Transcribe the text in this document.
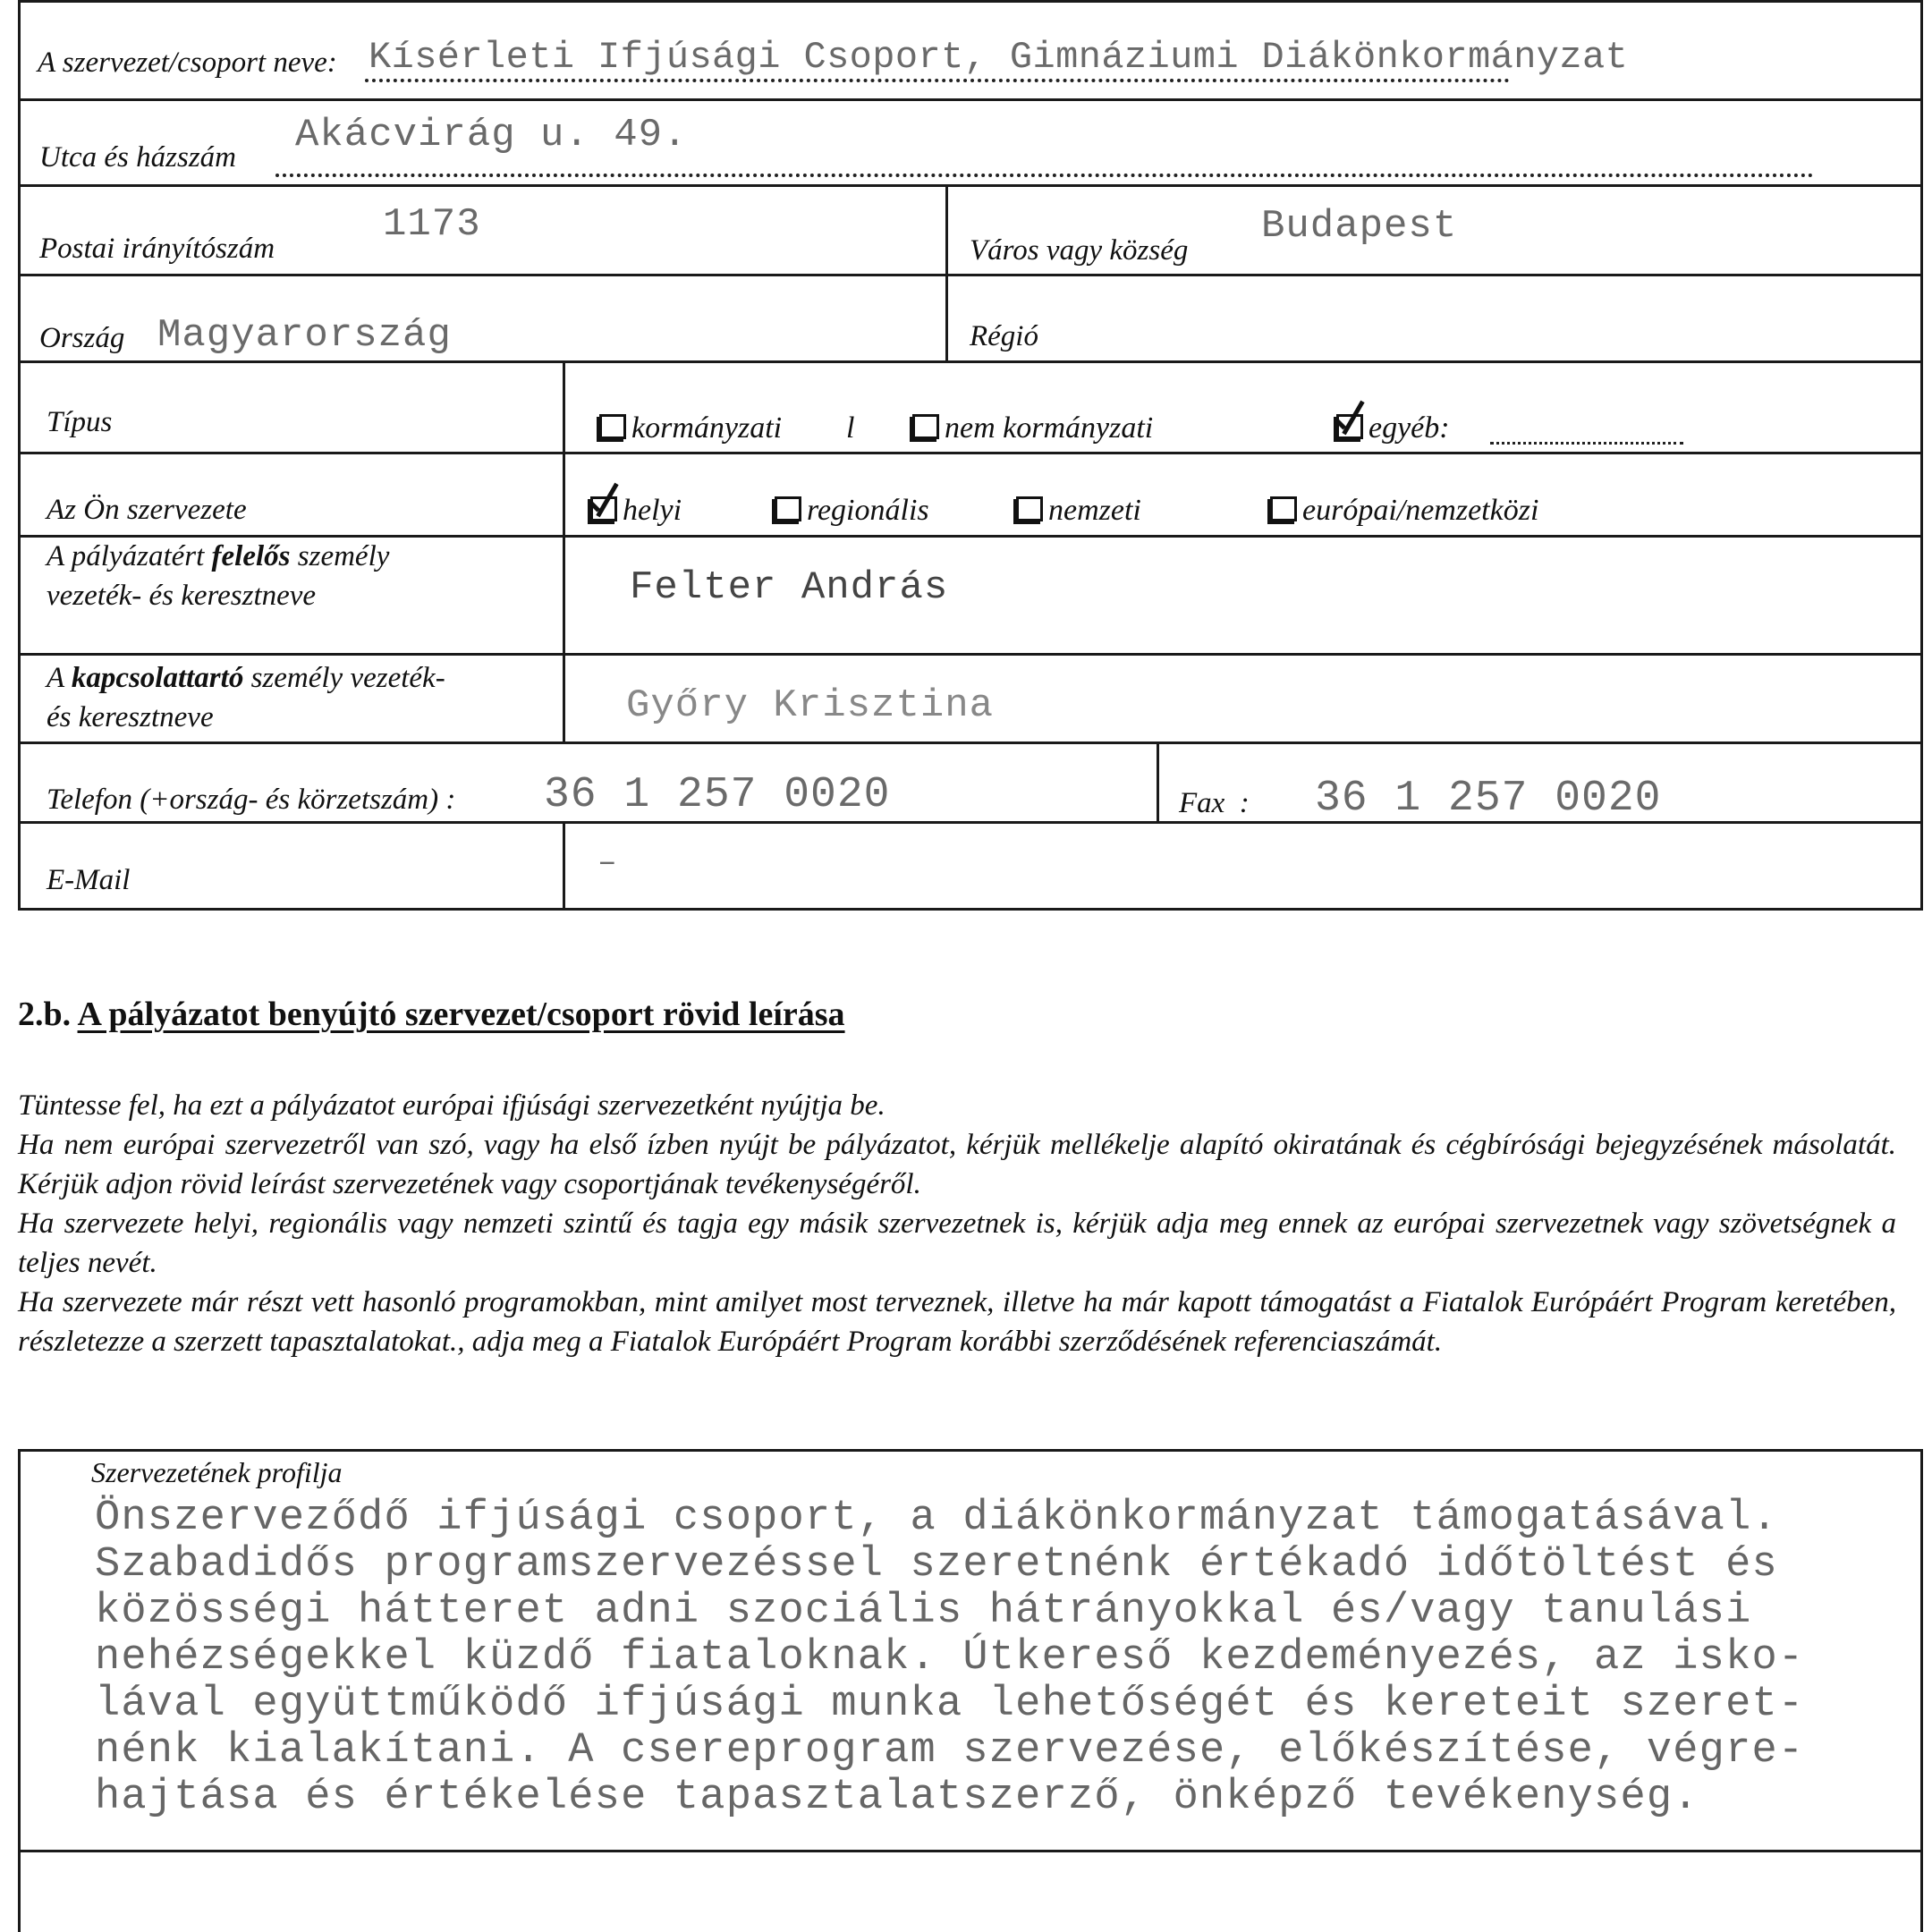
A szervezet/csoport neve: Kísérleti Ifjúsági Csoport, Gimnáziumi Diákönkormányzat
Utca és házszám Akácvirág u. 49.
Postai irányítószám
1173
Város vagy község
Budapest
Ország Magyarország	Régió
Típus	kormányzati l	nem kormányzati	egyéb:
Az Ön szervezete	helyi	regionális	nemzeti	európai/nemzetközi
A pályázatért felelős személy
vezeték- és keresztneve	Felter András
A kapcsolattartó személy vezeték-
és keresztneve	Győry Krisztina
Telefon (+ország- és körzetszám) : 36 1 257 0020	Fax  : 36 1 257 0020
E-Mail	–
2.b. A pályázatot benyújtó szervezet/csoport rövid leírása

Tüntesse fel, ha ezt a pályázatot európai ifjúsági szervezetként nyújtja be.

Ha nem európai szervezetről van szó, vagy ha első ízben nyújt be pályázatot, kérjük mellékelje alapító okiratának és cégbírósági bejegyzésének másolatát. Kérjük adjon rövid leírást szervezetének vagy csoportjának tevékenységéről.

Ha szervezete helyi, regionális vagy nemzeti szintű és tagja egy másik szervezetnek is, kérjük adja meg ennek az európai szervezetnek vagy szövetségnek a teljes nevét.

Ha szervezete már részt vett hasonló programokban, mint amilyet most terveznek, illetve ha már kapott támogatást a Fiatalok Európáért Program keretében, részletezze a szerzett tapasztalatokat., adja meg a Fiatalok Európáért Program korábbi szerződésének referenciaszámát.

Szervezetének profilja
Önszerveződő ifjúsági csoport, a diákönkormányzat támogatásával.
Szabadidős programszervezéssel szeretnénk értékadó időtöltést és
közösségi hátteret adni szociális hátrányokkal és/vagy tanulási
nehézségekkel küzdő fiataloknak. Útkereső kezdeményezés, az isko-
lával együttműködő ifjúsági munka lehetőségét és kereteit szeret-
nénk kialakítani. A csereprogram szervezése, előkészítése, végre-
hajtása és értékelése tapasztalatszerző, önképző tevékenység.
